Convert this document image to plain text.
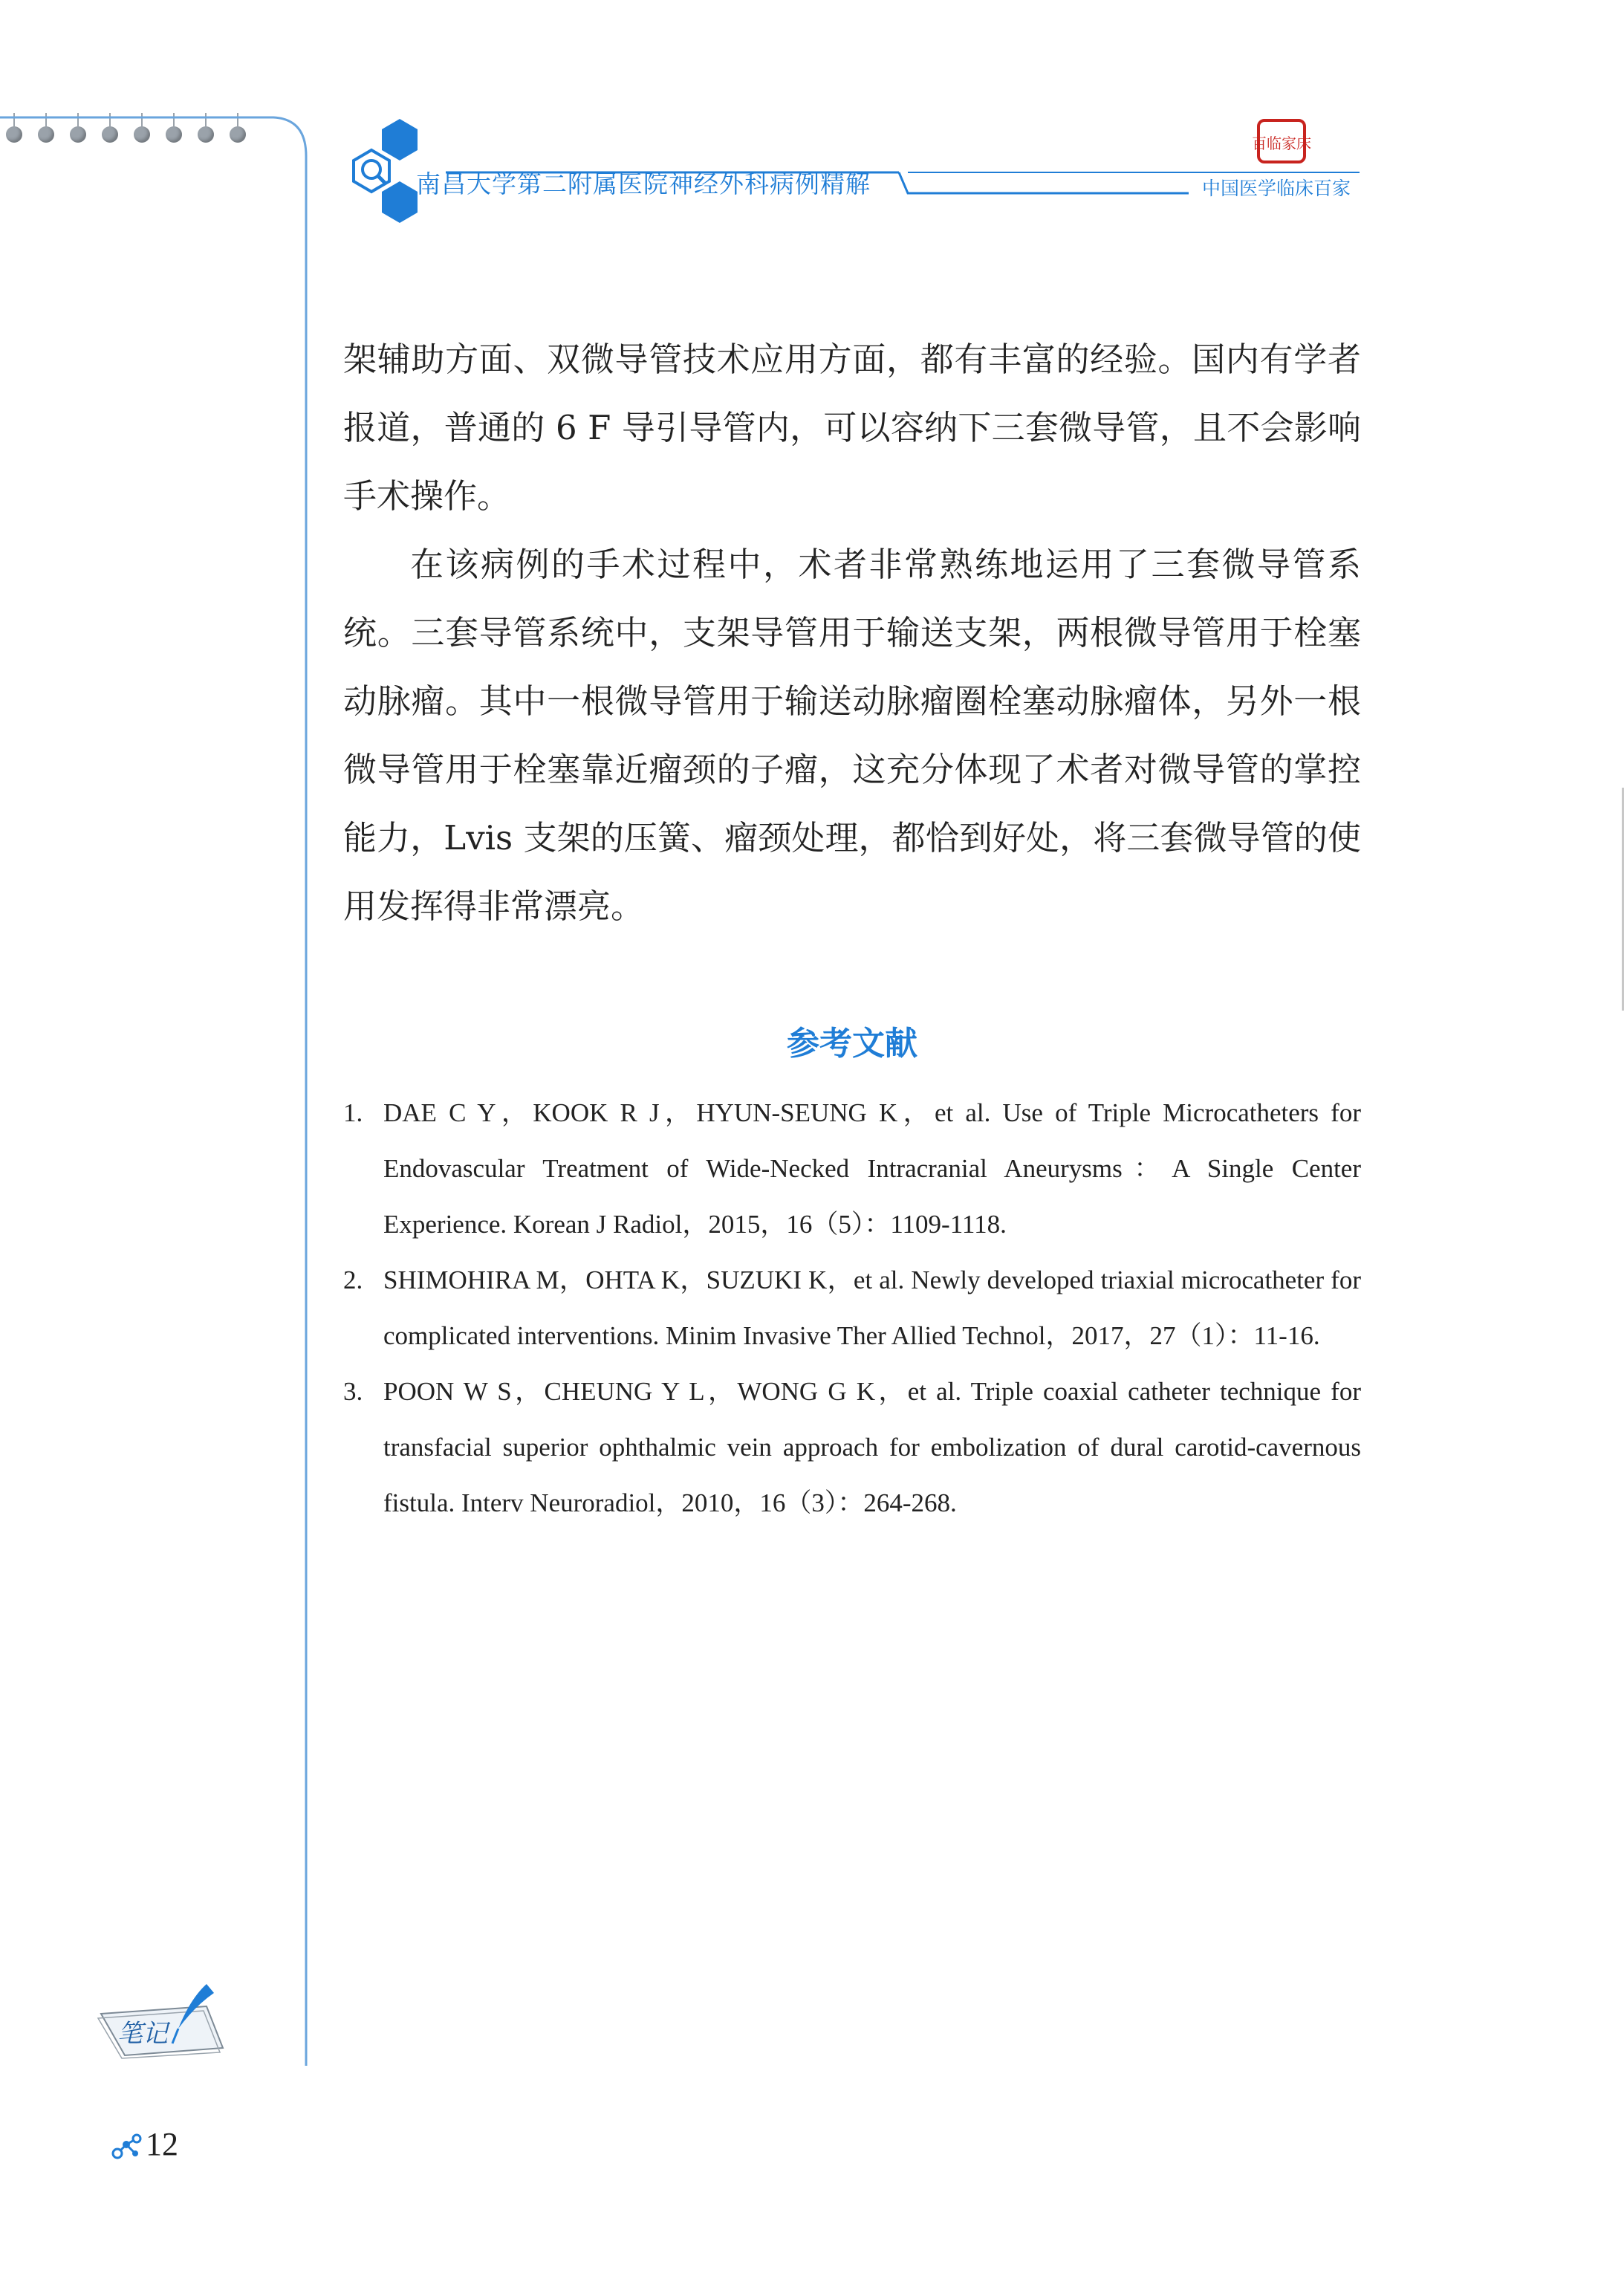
南昌大学第二附属医院神经外科病例精解
百临家床
中国医学临床百家

架辅助方面、双微导管技术应用方面，都有丰富的经验。国内有学者报道，普通的 6 F 导引导管内，可以容纳下三套微导管，且不会影响手术操作。

在该病例的手术过程中，术者非常熟练地运用了三套微导管系统。三套导管系统中，支架导管用于输送支架，两根微导管用于栓塞动脉瘤。其中一根微导管用于输送动脉瘤圈栓塞动脉瘤体，另外一根微导管用于栓塞靠近瘤颈的子瘤，这充分体现了术者对微导管的掌控能力，Lvis 支架的压簧、瘤颈处理，都恰到好处，将三套微导管的使用发挥得非常漂亮。

参考文献
1. DAE C Y，KOOK R J，HYUN-SEUNG K，et al. Use of Triple Microcatheters for Endovascular Treatment of Wide-Necked Intracranial Aneurysms：A Single Center Experience. Korean J Radiol，2015，16（5）：1109-1118.
2. SHIMOHIRA M，OHTA K，SUZUKI K，et al. Newly developed triaxial microcatheter for complicated interventions. Minim Invasive Ther Allied Technol，2017，27（1）：11-16.
3. POON W S，CHEUNG Y L，WONG G K，et al. Triple coaxial catheter technique for transfacial superior ophthalmic vein approach for embolization of dural carotid-cavernous fistula. Interv Neuroradiol，2010，16（3）：264-268.
笔记
12
